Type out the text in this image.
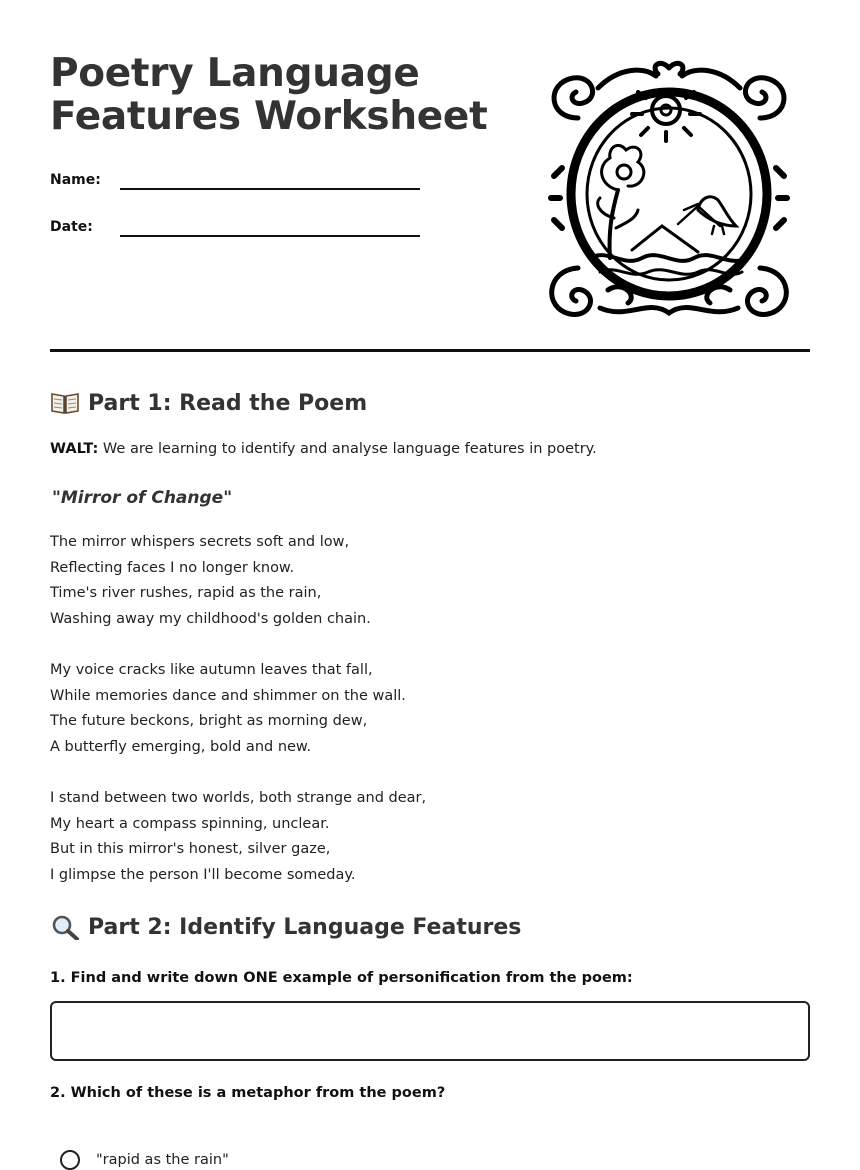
Poetry Language
Features Worksheet
Name:
Date:
Part 1: Read the Poem
WALT: We are learning to identify and analyse language features in poetry.
"Mirror of Change"
The mirror whispers secrets soft and low,
Reflecting faces I no longer know.
Time's river rushes, rapid as the rain,
Washing away my childhood's golden chain.
My voice cracks like autumn leaves that fall,
While memories dance and shimmer on the wall.
The future beckons, bright as morning dew,
A butterfly emerging, bold and new.
I stand between two worlds, both strange and dear,
My heart a compass spinning, unclear.
But in this mirror's honest, silver gaze,
I glimpse the person I'll become someday.
Part 2: Identify Language Features
1. Find and write down ONE example of personification from the poem:
2. Which of these is a metaphor from the poem?
"rapid as the rain"
